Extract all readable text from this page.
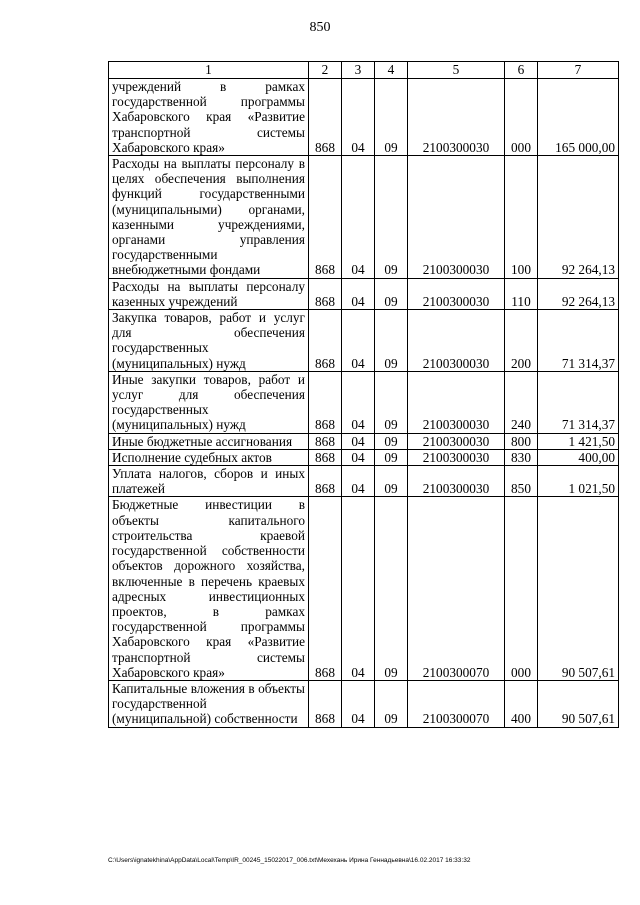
850
1	2	3	4	5	6	7
учреждений в рамках государственной программы Хабаровского края «Развитие транспортной системы Хабаровского края»	868	04	09	2100300030	000	165 000,00
Расходы на выплаты персоналу в целях обеспечения выполнения функций государственными (муниципальными) органами, казенными учреждениями, органами управления государственными внебюджетными фондами	868	04	09	2100300030	100	92 264,13
Расходы на выплаты персоналу казенных учреждений	868	04	09	2100300030	110	92 264,13
Закупка товаров, работ и услуг для обеспечения государственных (муниципальных) нужд	868	04	09	2100300030	200	71 314,37
Иные закупки товаров, работ и услуг для обеспечения государственных (муниципальных) нужд	868	04	09	2100300030	240	71 314,37
Иные бюджетные ассигнования	868	04	09	2100300030	800	1 421,50
Исполнение судебных актов	868	04	09	2100300030	830	400,00
Уплата налогов, сборов и иных платежей	868	04	09	2100300030	850	1 021,50
Бюджетные инвестиции в объекты капитального строительства краевой государственной собственности объектов дорожного хозяйства, включенные в перечень краевых адресных инвестиционных проектов, в рамках государственной программы Хабаровского края «Развитие транспортной системы Хабаровского края»	868	04	09	2100300070	000	90 507,61
Капитальные вложения в объекты государственной (муниципальной) собственности	868	04	09	2100300070	400	90 507,61
C:\Users\ignatekhina\AppData\Local\Temp\IR_00245_15022017_006.txt\Мехехань Ирина Геннадьевна\16.02.2017 16:33:32
